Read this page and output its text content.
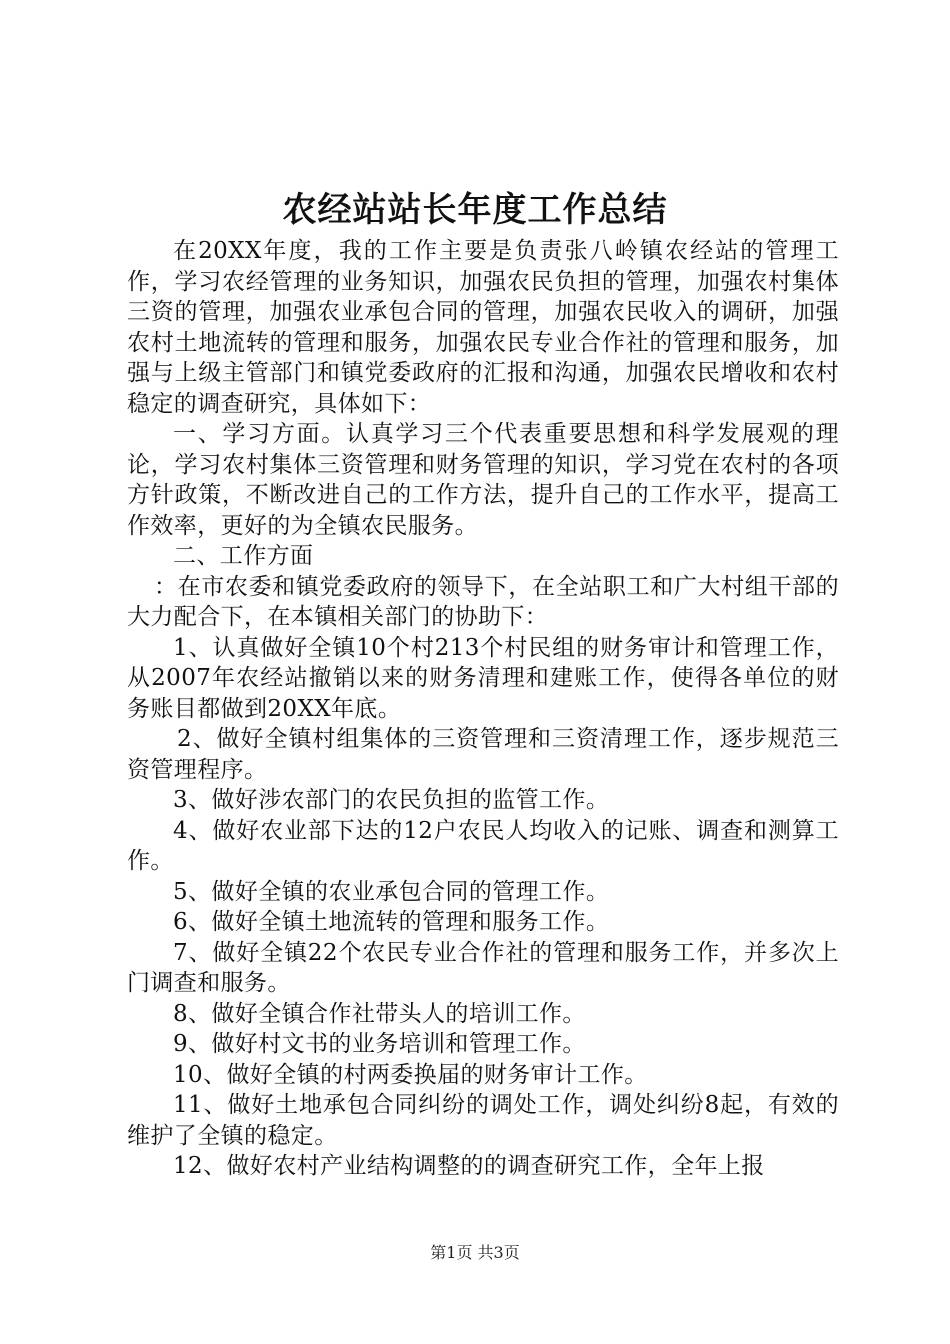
农经站站长年度工作总结

在20XX年度，我的工作主要是负责张八岭镇农经站的管理工作，学习农经管理的业务知识，加强农民负担的管理，加强农村集体三资的管理，加强农业承包合同的管理，加强农民收入的调研，加强农村土地流转的管理和服务，加强农民专业合作社的管理和服务，加强与上级主管部门和镇党委政府的汇报和沟通，加强农民增收和农村稳定的调查研究，具体如下：

一、学习方面。认真学习三个代表重要思想和科学发展观的理论，学习农村集体三资管理和财务管理的知识，学习党在农村的各项方针政策，不断改进自己的工作方法，提升自己的工作水平，提高工作效率，更好的为全镇农民服务。

二、工作方面

：在市农委和镇党委政府的领导下，在全站职工和广大村组干部的大力配合下，在本镇相关部门的协助下：

1、认真做好全镇10个村213个村民组的财务审计和管理工作，从2007年农经站撤销以来的财务清理和建账工作，使得各单位的财务账目都做到20XX年底。

2、做好全镇村组集体的三资管理和三资清理工作，逐步规范三资管理程序。

3、做好涉农部门的农民负担的监管工作。

4、做好农业部下达的12户农民人均收入的记账、调查和测算工作。

5、做好全镇的农业承包合同的管理工作。

6、做好全镇土地流转的管理和服务工作。

7、做好全镇22个农民专业合作社的管理和服务工作，并多次上门调查和服务。

8、做好全镇合作社带头人的培训工作。

9、做好村文书的业务培训和管理工作。

10、做好全镇的村两委换届的财务审计工作。

11、做好土地承包合同纠纷的调处工作，调处纠纷8起，有效的维护了全镇的稳定。

12、做好农村产业结构调整的的调查研究工作，全年上报

第1页 共3页
